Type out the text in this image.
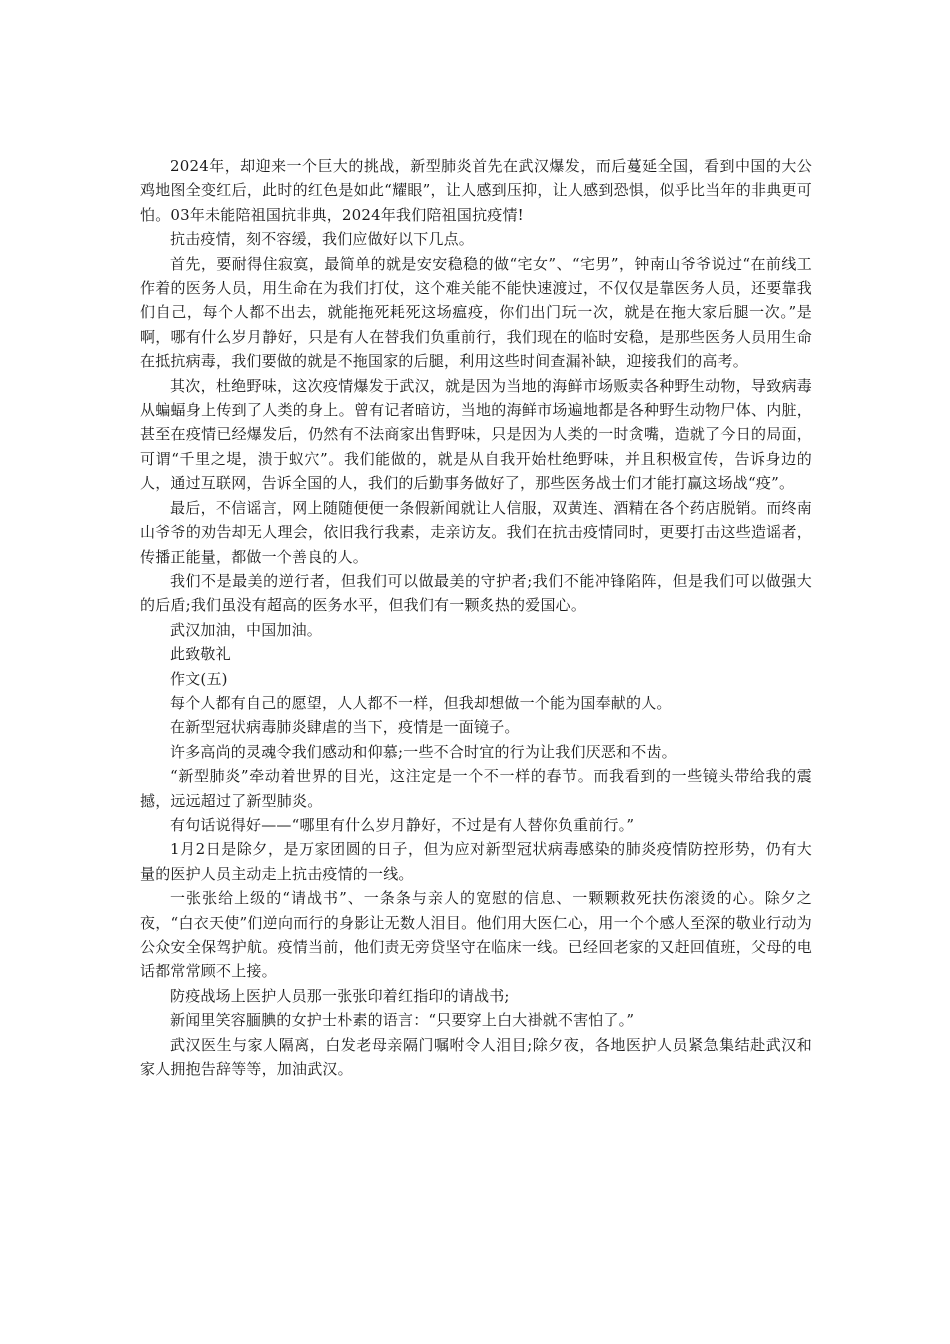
2024年，却迎来一个巨大的挑战，新型肺炎首先在武汉爆发，而后蔓延全国，看到中国的大公鸡地图全变红后，此时的红色是如此“耀眼”，让人感到压抑，让人感到恐惧，似乎比当年的非典更可怕。03年未能陪祖国抗非典，2024年我们陪祖国抗疫情!

抗击疫情，刻不容缓，我们应做好以下几点。

首先，要耐得住寂寞，最简单的就是安安稳稳的做“宅女”、“宅男”，钟南山爷爷说过“在前线工作着的医务人员，用生命在为我们打仗，这个难关能不能快速渡过，不仅仅是靠医务人员，还要靠我们自己，每个人都不出去，就能拖死耗死这场瘟疫，你们出门玩一次，就是在拖大家后腿一次。”是啊，哪有什么岁月静好，只是有人在替我们负重前行，我们现在的临时安稳，是那些医务人员用生命在抵抗病毒，我们要做的就是不拖国家的后腿，利用这些时间查漏补缺，迎接我们的高考。

其次，杜绝野味，这次疫情爆发于武汉，就是因为当地的海鲜市场贩卖各种野生动物，导致病毒从蝙蝠身上传到了人类的身上。曾有记者暗访，当地的海鲜市场遍地都是各种野生动物尸体、内脏，甚至在疫情已经爆发后，仍然有不法商家出售野味，只是因为人类的一时贪嘴，造就了今日的局面，可谓“千里之堤，溃于蚁穴”。我们能做的，就是从自我开始杜绝野味，并且积极宣传，告诉身边的人，通过互联网，告诉全国的人，我们的后勤事务做好了，那些医务战士们才能打赢这场战“疫”。

最后，不信谣言，网上随随便便一条假新闻就让人信服，双黄连、酒精在各个药店脱销。而终南山爷爷的劝告却无人理会，依旧我行我素，走亲访友。我们在抗击疫情同时，更要打击这些造谣者，传播正能量，都做一个善良的人。

我们不是最美的逆行者，但我们可以做最美的守护者;我们不能冲锋陷阵，但是我们可以做强大的后盾;我们虽没有超高的医务水平，但我们有一颗炙热的爱国心。

武汉加油，中国加油。

此致敬礼

作文(五)

每个人都有自己的愿望，人人都不一样，但我却想做一个能为国奉献的人。

在新型冠状病毒肺炎肆虐的当下，疫情是一面镜子。

许多高尚的灵魂令我们感动和仰慕;一些不合时宜的行为让我们厌恶和不齿。

“新型肺炎”牵动着世界的目光，这注定是一个不一样的春节。而我看到的一些镜头带给我的震撼，远远超过了新型肺炎。

有句话说得好——“哪里有什么岁月静好，不过是有人替你负重前行。”

1月2日是除夕，是万家团圆的日子，但为应对新型冠状病毒感染的肺炎疫情防控形势，仍有大量的医护人员主动走上抗击疫情的一线。

一张张给上级的“请战书”、一条条与亲人的宽慰的信息、一颗颗救死扶伤滚烫的心。除夕之夜，“白衣天使”们逆向而行的身影让无数人泪目。他们用大医仁心，用一个个感人至深的敬业行动为公众安全保驾护航。疫情当前，他们责无旁贷坚守在临床一线。已经回老家的又赶回值班，父母的电话都常常顾不上接。

防疫战场上医护人员那一张张印着红指印的请战书;

新闻里笑容腼腆的女护士朴素的语言：“只要穿上白大褂就不害怕了。”

武汉医生与家人隔离，白发老母亲隔门嘱咐令人泪目;除夕夜，各地医护人员紧急集结赴武汉和家人拥抱告辞等等，加油武汉。
